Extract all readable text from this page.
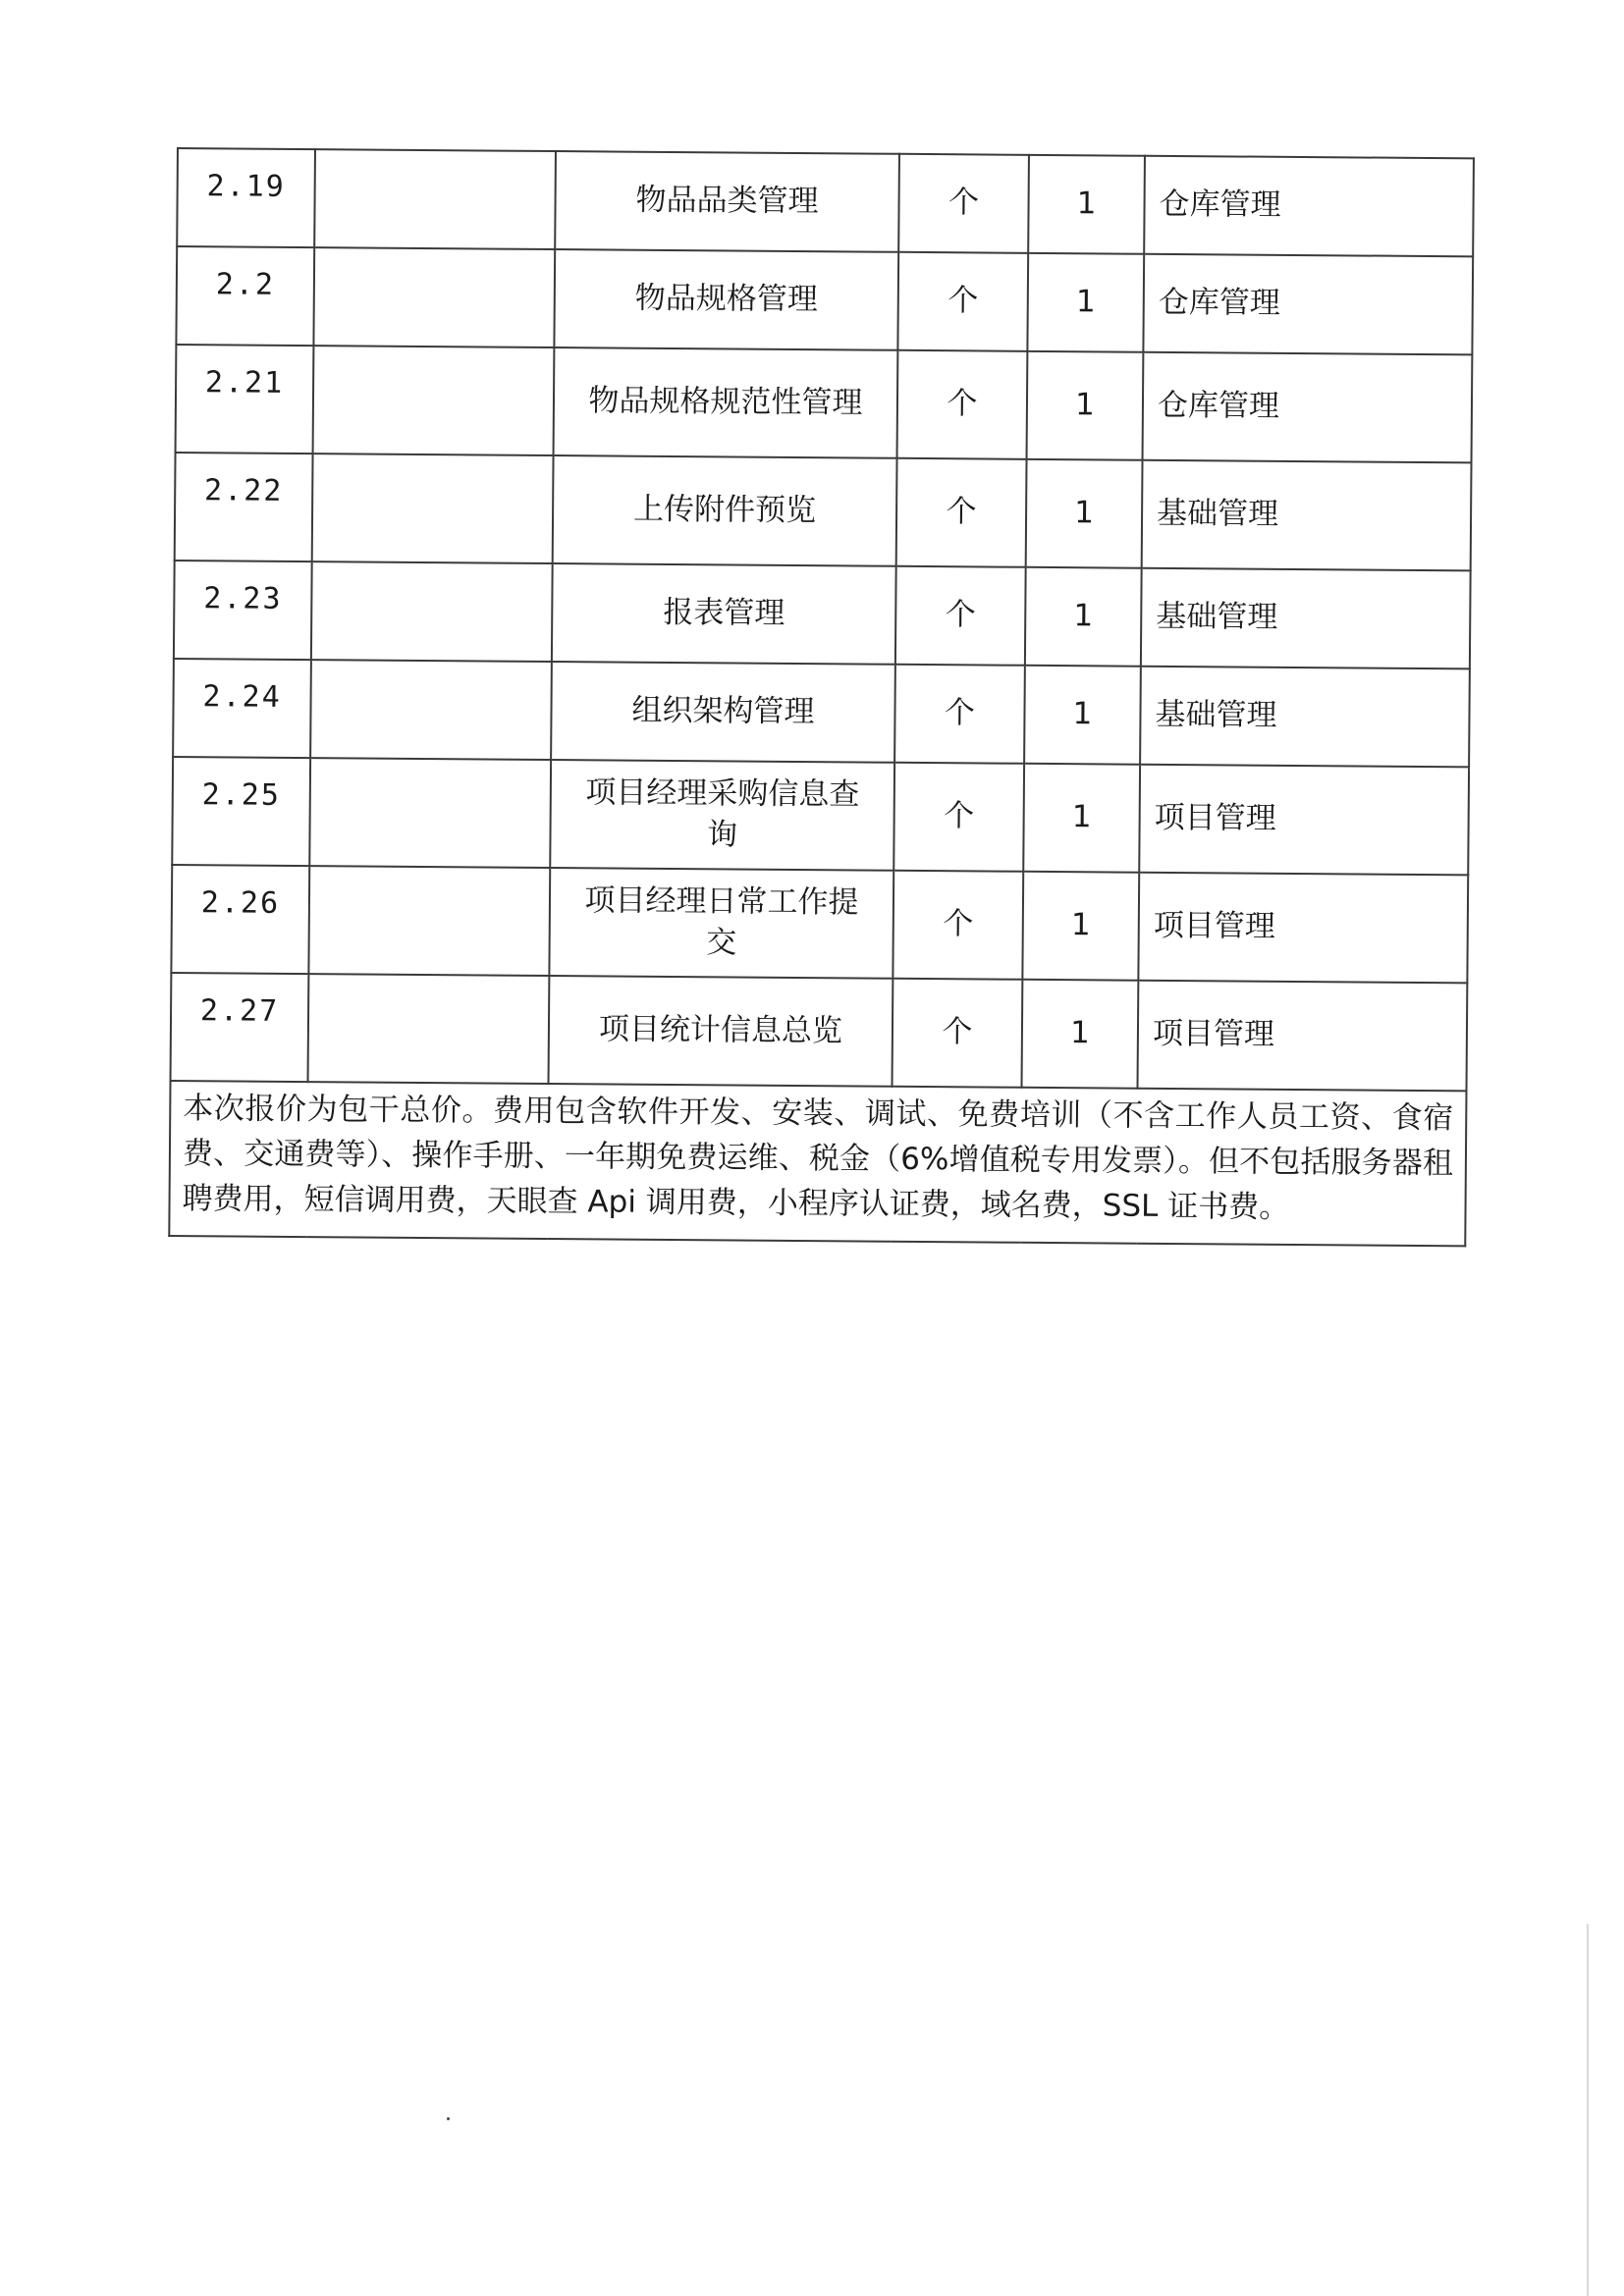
2.19		物品品类管理	个	1	仓库管理
2.2		物品规格管理	个	1	仓库管理
2.21		物品规格规范性管理	个	1	仓库管理
2.22		上传附件预览	个	1	基础管理
2.23		报表管理	个	1	基础管理
2.24		组织架构管理	个	1	基础管理
2.25		项目经理采购信息查询	个	1	项目管理
2.26		项目经理日常工作提交	个	1	项目管理
2.27		项目统计信息总览	个	1	项目管理
本次报价为包干总价。费用包含软件开发、安装、调试、免费培训（不含工作人员工资、食宿费、交通费等）、操作手册、一年期免费运维、税金（6%增值税专用发票）。但不包括服务器租聘费用，短信调用费，天眼查 Api 调用费，小程序认证费，域名费，SSL 证书费。					
